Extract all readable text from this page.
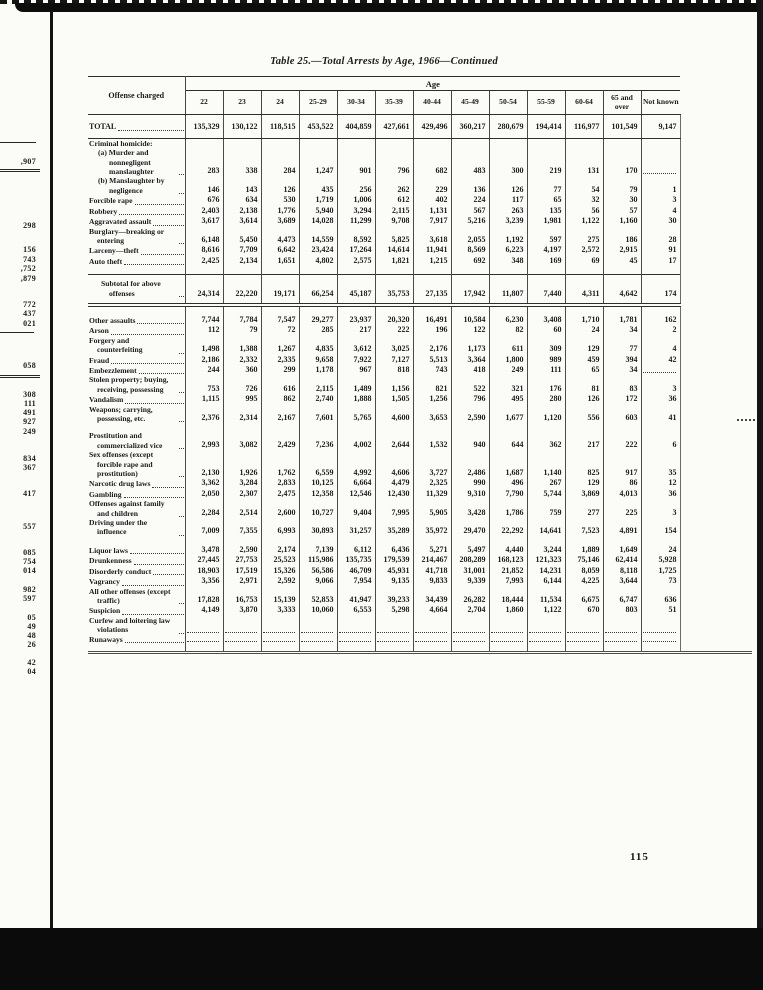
,907
298
156
743
,752
,879
772
437
021
058
308
111
491
927
249
834
367
417
557
085
754
014
982
597
05
49
48
26
42
04
Table 25.—Total Arrests by Age, 1966—Continued
Offense charged	Age												
	22	23	24	25-29	30-34	35-39	40-44	45-49	50-54	55-59	60-64	65 and over	Not known

TOTAL	135,329	130,122	118,515	453,522	404,859	427,661	429,496	360,217	280,679	194,414	116,977	101,549	9,147

Criminal homicide:													

(a) Murder and nonnegligent manslaughter	283	338	284	1,247	901	796	682	483	300	219	131	170	

(b) Manslaughter by negligence	146	143	126	435	256	262	229	136	126	77	54	79	1

Forcible rape	676	634	530	1,719	1,006	612	402	224	117	65	32	30	3

Robbery	2,403	2,138	1,776	5,940	3,294	2,115	1,131	567	263	135	56	57	4

Aggravated assault	3,617	3,614	3,689	14,028	11,299	9,708	7,917	5,216	3,239	1,981	1,122	1,160	30

Burglary—breaking or entering	6,148	5,450	4,473	14,559	8,592	5,825	3,618	2,055	1,192	597	275	186	28

Larceny—theft	8,616	7,709	6,642	23,424	17,264	14,614	11,941	8,569	6,223	4,197	2,572	2,915	91

Auto theft	2,425	2,134	1,651	4,802	2,575	1,821	1,215	692	348	169	69	45	17

Subtotal for above offenses	24,314	22,220	19,171	66,254	45,187	35,753	27,135	17,942	11,807	7,440	4,311	4,642	174

Other assaults	7,744	7,784	7,547	29,277	23,937	20,320	16,491	10,584	6,230	3,408	1,710	1,781	162

Arson	112	79	72	285	217	222	196	122	82	60	24	34	2

Forgery and counterfeiting	1,498	1,388	1,267	4,835	3,612	3,025	2,176	1,173	611	309	129	77	4

Fraud	2,186	2,332	2,335	9,658	7,922	7,127	5,513	3,364	1,800	989	459	394	42

Embezzlement	244	360	299	1,178	967	818	743	418	249	111	65	34	

Stolen property; buying, receiving, possessing	753	726	616	2,115	1,489	1,156	821	522	321	176	81	83	3

Vandalism	1,115	995	862	2,740	1,888	1,505	1,256	796	495	280	126	172	36

Weapons; carrying, possessing, etc.	2,376	2,314	2,167	7,601	5,765	4,600	3,653	2,590	1,677	1,120	556	603	41

Prostitution and commercialized vice	2,993	3,082	2,429	7,236	4,002	2,644	1,532	940	644	362	217	222	6

Sex offenses (except forcible rape and prostitution)	2,130	1,926	1,762	6,559	4,992	4,606	3,727	2,486	1,687	1,140	825	917	35

Narcotic drug laws	3,362	3,284	2,833	10,125	6,664	4,479	2,325	990	496	267	129	86	12

Gambling	2,050	2,307	2,475	12,358	12,546	12,430	11,329	9,310	7,790	5,744	3,869	4,013	36

Offenses against family and children	2,284	2,514	2,600	10,727	9,404	7,995	5,905	3,428	1,786	759	277	225	3

Driving under the influence	7,009	7,355	6,993	30,893	31,257	35,289	35,972	29,470	22,292	14,641	7,523	4,891	154

Liquor laws	3,478	2,590	2,174	7,139	6,112	6,436	5,271	5,497	4,440	3,244	1,889	1,649	24

Drunkenness	27,445	27,753	25,523	115,986	135,735	179,539	214,467	208,289	168,123	121,323	75,146	62,414	5,928

Disorderly conduct	18,903	17,519	15,326	56,586	46,709	45,931	41,718	31,001	21,852	14,231	8,059	8,118	1,725

Vagrancy	3,356	2,971	2,592	9,066	7,954	9,135	9,833	9,339	7,993	6,144	4,225	3,644	73

All other offenses (except traffic)	17,828	16,753	15,139	52,853	41,947	39,233	34,439	26,282	18,444	11,534	6,675	6,747	636

Suspicion	4,149	3,870	3,333	10,060	6,553	5,298	4,664	2,704	1,860	1,122	670	803	51

Curfew and loitering law violations													

Runaways													

115
